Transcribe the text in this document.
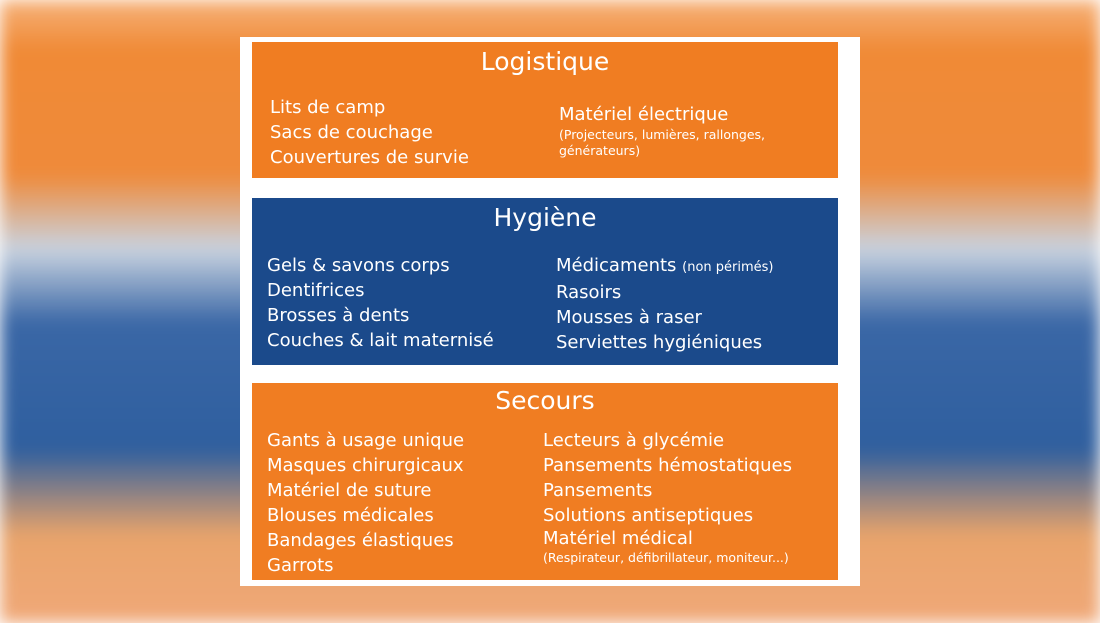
Logistique
Lits de camp
Sacs de couchage
Couvertures de survie
Matériel électrique
(Projecteurs, lumières, rallonges, générateurs)
Hygiène
Gels & savons corps
Dentifrices
Brosses à dents
Couches & lait maternisé
Médicaments (non périmés)
Rasoirs
Mousses à raser
Serviettes hygiéniques
Secours
Gants à usage unique
Masques chirurgicaux
Matériel de suture
Blouses médicales
Bandages élastiques
Garrots
Lecteurs à glycémie
Pansements hémostatiques
Pansements
Solutions antiseptiques
Matériel médical
(Respirateur, défibrillateur, moniteur...)
